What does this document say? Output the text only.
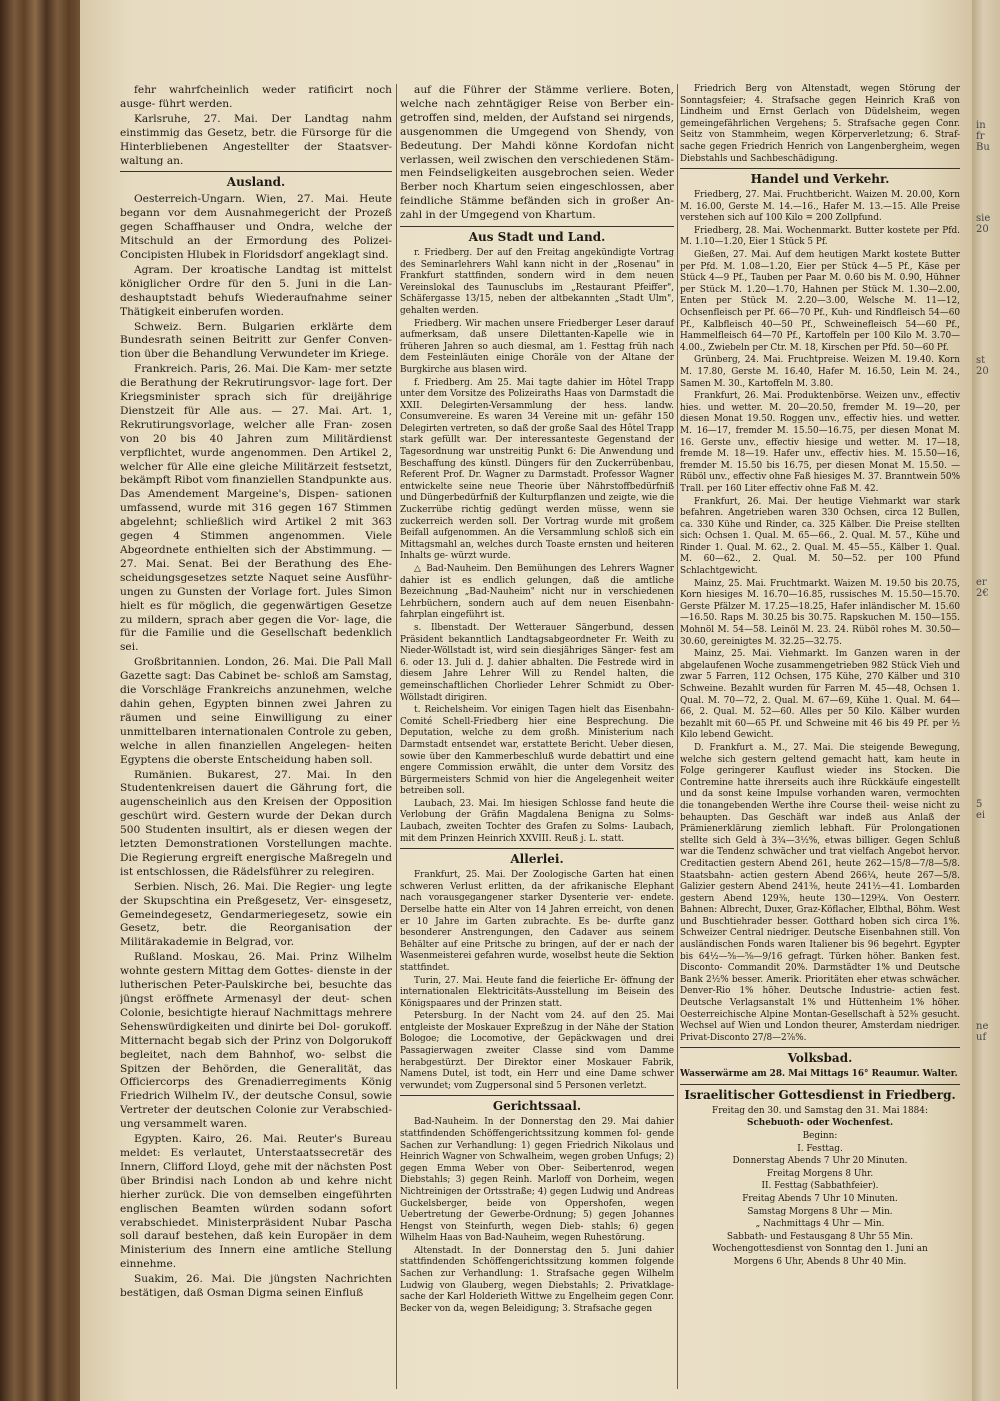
in
fr
Bu
sie
20
st
20
er
2€
5
ei
ne
uf

fehr wahrfcheinlich weder ratificirt noch ausge- führt werden.

Karlsruhe, 27. Mai. Der Landtag nahm einstimmig das Gesetz, betr. die Fürsorge für die Hinterbliebenen Angestellter der Staatsver- waltung an.

Ausland.

Oesterreich-Ungarn. Wien, 27. Mai. Heute begann vor dem Ausnahmegericht der Prozeß gegen Schaffhauser und Ondra, welche der Mitschuld an der Ermordung des Polizei- Concipisten Hlubek in Floridsdorf angeklagt sind.

Agram. Der kroatische Landtag ist mittelst königlicher Ordre für den 5. Juni in die Lan- deshauptstadt behufs Wiederaufnahme seiner Thätigkeit einberufen worden.

Schweiz. Bern. Bulgarien erklärte dem Bundesrath seinen Beitritt zur Genfer Conven- tion über die Behandlung Verwundeter im Kriege.

Frankreich. Paris, 26. Mai. Die Kam- mer setzte die Berathung der Rekrutirungsvor- lage fort. Der Kriegsminister sprach sich für dreijährige Dienstzeit für Alle aus. — 27. Mai. Art. 1, Rekrutirungsvorlage, welcher alle Fran- zosen von 20 bis 40 Jahren zum Militärdienst verpflichtet, wurde angenommen. Den Artikel 2, welcher für Alle eine gleiche Militärzeit festsetzt, bekämpft Ribot vom finanziellen Standpunkte aus. Das Amendement Margeine's, Dispen- sationen umfassend, wurde mit 316 gegen 167 Stimmen abgelehnt; schließlich wird Artikel 2 mit 363 gegen 4 Stimmen angenommen. Viele Abgeordnete enthielten sich der Abstimmung. — 27. Mai. Senat. Bei der Berathung des Ehe- scheidungsgesetzes setzte Naquet seine Ausführ- ungen zu Gunsten der Vorlage fort. Jules Simon hielt es für möglich, die gegenwärtigen Gesetze zu mildern, sprach aber gegen die Vor- lage, die für die Familie und die Gesellschaft bedenklich sei.

Großbritannien. London, 26. Mai. Die Pall Mall Gazette sagt: Das Cabinet be- schloß am Samstag, die Vorschläge Frankreichs anzunehmen, welche dahin gehen, Egypten binnen zwei Jahren zu räumen und seine Einwilligung zu einer unmittelbaren internationalen Controle zu geben, welche in allen finanziellen Angelegen- heiten Egyptens die oberste Entscheidung haben soll.

Rumänien. Bukarest, 27. Mai. In den Studentenkreisen dauert die Gährung fort, die augenscheinlich aus den Kreisen der Opposition geschürt wird. Gestern wurde der Dekan durch 500 Studenten insultirt, als er diesen wegen der letzten Demonstrationen Vorstellungen machte. Die Regierung ergreift energische Maßregeln und ist entschlossen, die Rädelsführer zu relegiren.

Serbien. Nisch, 26. Mai. Die Regier- ung legte der Skupschtina ein Preßgesetz, Ver- einsgesetz, Gemeindegesetz, Gendarmeriegesetz, sowie ein Gesetz, betr. die Reorganisation der Militärakademie in Belgrad, vor.

Rußland. Moskau, 26. Mai. Prinz Wilhelm wohnte gestern Mittag dem Gottes- dienste in der lutherischen Peter-Paulskirche bei, besuchte das jüngst eröffnete Armenasyl der deut- schen Colonie, besichtigte hierauf Nachmittags mehrere Sehenswürdigkeiten und dinirte bei Dol- gorukoff. Mitternacht begab sich der Prinz von Dolgorukoff begleitet, nach dem Bahnhof, wo- selbst die Spitzen der Behörden, die Generalität, das Officiercorps des Grenadierregiments König Friedrich Wilhelm IV., der deutsche Consul, sowie Vertreter der deutschen Colonie zur Verabschied- ung versammelt waren.

Egypten. Kairo, 26. Mai. Reuter's Bureau meldet: Es verlautet, Unterstaatssecretär des Innern, Clifford Lloyd, gehe mit der nächsten Post über Brindisi nach London ab und kehre nicht hierher zurück. Die von demselben eingeführten englischen Beamten würden sodann sofort verabschiedet. Ministerpräsident Nubar Pascha soll darauf bestehen, daß kein Europäer in dem Ministerium des Innern eine amtliche Stellung einnehme.

Suakim, 26. Mai. Die jüngsten Nachrichten bestätigen, daß Osman Digma seinen Einfluß

auf die Führer der Stämme verliere. Boten, welche nach zehntägiger Reise von Berber ein- getroffen sind, melden, der Aufstand sei nirgends, ausgenommen die Umgegend von Shendy, von Bedeutung. Der Mahdi könne Kordofan nicht verlassen, weil zwischen den verschiedenen Stäm- men Feindseligkeiten ausgebrochen seien. Weder Berber noch Khartum seien eingeschlossen, aber feindliche Stämme befänden sich in großer An- zahl in der Umgegend von Khartum.

Aus Stadt und Land.

r. Friedberg. Der auf den Freitag angekündigte Vortrag des Seminarlehrers Wahl kann nicht in der „Rosenau" in Frankfurt stattfinden, sondern wird in dem neuen Vereinslokal des Taunusclubs im „Restaurant Pfeiffer", Schäfergasse 13/15, neben der altbekannten „Stadt Ulm", gehalten werden.

Friedberg. Wir machen unsere Friedberger Leser darauf aufmerksam, daß unsere Dilettanten-Kapelle wie in früheren Jahren so auch diesmal, am 1. Festtag früh nach dem Festeinläuten einige Choräle von der Altane der Burgkirche aus blasen wird.

f. Friedberg. Am 25. Mai tagte dahier im Hôtel Trapp unter dem Vorsitze des Polizeiraths Haas von Darmstadt die XXII. Delegirten-Versammlung der hess. landw. Consumvereine. Es waren 34 Vereine mit un- gefähr 150 Delegirten vertreten, so daß der große Saal des Hôtel Trapp stark gefüllt war. Der interessanteste Gegenstand der Tagesordnung war unstreitig Punkt 6: Die Anwendung und Beschaffung des künstl. Düngers für den Zuckerrübenbau, Referent Prof. Dr. Wagner zu Darmstadt. Professor Wagner entwickelte seine neue Theorie über Nährstoffbedürfniß und Düngerbedürfniß der Kulturpflanzen und zeigte, wie die Zuckerrübe richtig gedüngt werden müsse, wenn sie zuckerreich werden soll. Der Vortrag wurde mit großem Beifall aufgenommen. An die Versammlung schloß sich ein Mittagsmahl an, welches durch Toaste ernsten und heiteren Inhalts ge- würzt wurde.

△ Bad-Nauheim. Den Bemühungen des Lehrers Wagner dahier ist es endlich gelungen, daß die amtliche Bezeichnung „Bad-Nauheim" nicht nur in verschiedenen Lehrbüchern, sondern auch auf dem neuen Eisenbahn- fahrplan eingeführt ist.

s. Ilbenstadt. Der Wetterauer Sängerbund, dessen Präsident bekanntlich Landtagsabgeordneter Fr. Weith zu Nieder-Wöllstadt ist, wird sein diesjähriges Sänger- fest am 6. oder 13. Juli d. J. dahier abhalten. Die Festrede wird in diesem Jahre Lehrer Will zu Rendel halten, die gemeinschaftlichen Chorlieder Lehrer Schmidt zu Ober-Wöllstadt dirigiren.

t. Reichelsheim. Vor einigen Tagen hielt das Eisenbahn-Comité Schell-Friedberg hier eine Besprechung. Die Deputation, welche zu dem großh. Ministerium nach Darmstadt entsendet war, erstattete Bericht. Ueber diesen, sowie über den Kammerbeschluß wurde debattirt und eine engere Commission erwählt, die unter dem Vorsitz des Bürgermeisters Schmid von hier die Angelegenheit weiter betreiben soll.

Laubach, 23. Mai. Im hiesigen Schlosse fand heute die Verlobung der Gräfin Magdalena Benigna zu Solms-Laubach, zweiten Tochter des Grafen zu Solms- Laubach, mit dem Prinzen Heinrich XXVIII. Reuß j. L. statt.

Allerlei.

Frankfurt, 25. Mai. Der Zoologische Garten hat einen schweren Verlust erlitten, da der afrikanische Elephant nach vorausgegangener starker Dysenterie ver- endete. Derselbe hatte ein Alter von 14 Jahren erreicht, von denen er 10 Jahre im Garten zubrachte. Es be- durfte ganz besonderer Anstrengungen, den Cadaver aus seinem Behälter auf eine Pritsche zu bringen, auf der er nach der Wasenmeisterei gefahren wurde, woselbst heute die Sektion stattfindet.

Turin, 27. Mai. Heute fand die feierliche Er- öffnung der internationalen Elektricitäts-Ausstellung im Beisein des Königspaares und der Prinzen statt.

Petersburg. In der Nacht vom 24. auf den 25. Mai entgleiste der Moskauer Expreßzug in der Nähe der Station Bologoe; die Locomotive, der Gepäckwagen und drei Passagierwagen zweiter Classe sind vom Damme herabgestürzt. Der Direktor einer Moskauer Fabrik, Namens Dutel, ist todt, ein Herr und eine Dame schwer verwundet; vom Zugpersonal sind 5 Personen verletzt.

Gerichtssaal.

Bad-Nauheim. In der Donnerstag den 29. Mai dahier stattfindenden Schöffengerichtssitzung kommen fol- gende Sachen zur Verhandlung: 1) gegen Friedrich Nikolaus und Heinrich Wagner von Schwalheim, wegen groben Unfugs; 2) gegen Emma Weber von Ober- Seibertenrod, wegen Diebstahls; 3) gegen Reinh. Marloff von Dorheim, wegen Nichtreinigen der Ortsstraße; 4) gegen Ludwig und Andreas Guckelsberger, beide von Oppershofen, wegen Uebertretung der Gewerbe-Ordnung; 5) gegen Johannes Hengst von Steinfurth, wegen Dieb- stahls; 6) gegen Wilhelm Haas von Bad-Nauheim, wegen Ruhestörung.

Altenstadt. In der Donnerstag den 5. Juni dahier stattfindenden Schöffengerichtssitzung kommen folgende Sachen zur Verhandlung: 1. Strafsache gegen Wilhelm Ludwig von Glauberg, wegen Diebstahls; 2. Privatklage- sache der Karl Holderieth Wittwe zu Engelheim gegen Conr. Becker von da, wegen Beleidigung; 3. Strafsache gegen

Friedrich Berg von Altenstadt, wegen Störung der Sonntagsfeier; 4. Strafsache gegen Heinrich Kraß von Lindheim und Ernst Gerlach von Düdelsheim, wegen gemeingefährlichen Vergehens; 5. Strafsache gegen Conr. Seitz von Stammheim, wegen Körperverletzung; 6. Straf- sache gegen Friedrich Henrich von Langenbergheim, wegen Diebstahls und Sachbeschädigung.

Handel und Verkehr.

Friedberg, 27. Mai. Fruchtbericht. Waizen M. 20.00, Korn M. 16.00, Gerste M. 14.—16., Hafer M. 13.—15. Alle Preise verstehen sich auf 100 Kilo = 200 Zollpfund.

Friedberg, 28. Mai. Wochenmarkt. Butter kostete per Pfd. M. 1.10—1.20, Eier 1 Stück 5 Pf.

Gießen, 27. Mai. Auf dem heutigen Markt kostete Butter per Pfd. M. 1.08—1.20, Eier per Stück 4—5 Pf., Käse per Stück 4—9 Pf., Tauben per Paar M. 0.60 bis M. 0.90, Hühner per Stück M. 1.20—1.70, Hahnen per Stück M. 1.30—2.00, Enten per Stück M. 2.20—3.00, Welsche M. 11—12, Ochsenfleisch per Pf. 66—70 Pf., Kuh- und Rindfleisch 54—60 Pf., Kalbfleisch 40—50 Pf., Schweinefleisch 54—60 Pf., Hammelfleisch 64—70 Pf., Kartoffeln per 100 Kilo M. 3.70—4.00., Zwiebeln per Ctr. M. 18, Kirschen per Pfd. 50—60 Pf.

Grünberg, 24. Mai. Fruchtpreise. Weizen M. 19.40. Korn M. 17.80, Gerste M. 16.40, Hafer M. 16.50, Lein M. 24., Samen M. 30., Kartoffeln M. 3.80.

Frankfurt, 26. Mai. Produktenbörse. Weizen unv., effectiv hies. und wetter. M. 20—20.50, fremder M. 19—20, per diesen Monat 19.50. Roggen unv., effectiv hies. und wetter. M. 16—17, fremder M. 15.50—16.75, per diesen Monat M. 16. Gerste unv., effectiv hiesige und wetter. M. 17—18, fremde M. 18—19. Hafer unv., effectiv hies. M. 15.50—16, fremder M. 15.50 bis 16.75, per diesen Monat M. 15.50. — Rüböl unv., effectiv ohne Faß hiesiges M. 37. Branntwein 50% Trall. per 160 Liter effectiv ohne Faß M. 42.

Frankfurt, 26. Mai. Der heutige Viehmarkt war stark befahren. Angetrieben waren 330 Ochsen, circa 12 Bullen, ca. 330 Kühe und Rinder, ca. 325 Kälber. Die Preise stellten sich: Ochsen 1. Qual. M. 65—66., 2. Qual. M. 57., Kühe und Rinder 1. Qual. M. 62., 2. Qual. M. 45—55., Kälber 1. Qual. M. 60—62., 2. Qual. M. 50—52. per 100 Pfund Schlachtgewicht.

Mainz, 25. Mai. Fruchtmarkt. Waizen M. 19.50 bis 20.75, Korn hiesiges M. 16.70—16.85, russisches M. 15.50—15.70. Gerste Pfälzer M. 17.25—18.25, Hafer inländischer M. 15.60—16.50. Raps M. 30.25 bis 30.75. Rapskuchen M. 150—155. Mohnöl M. 54—58. Leinöl M. 23. 24. Rüböl rohes M. 30.50—30.60, gereinigtes M. 32.25—32.75.

Mainz, 25. Mai. Viehmarkt. Im Ganzen waren in der abgelaufenen Woche zusammengetrieben 982 Stück Vieh und zwar 5 Farren, 112 Ochsen, 175 Kühe, 270 Kälber und 310 Schweine. Bezahlt wurden für Farren M. 45—48, Ochsen 1. Qual. M. 70—72, 2. Qual. M. 67—69, Kühe 1. Qual. M. 64—66, 2. Qual. M. 52—60. Alles per 50 Kilo. Kälber wurden bezahlt mit 60—65 Pf. und Schweine mit 46 bis 49 Pf. per ½ Kilo lebend Gewicht.

D. Frankfurt a. M., 27. Mai. Die steigende Bewegung, welche sich gestern geltend gemacht hatt, kam heute in Folge geringerer Kauflust wieder ins Stocken. Die Contremine hatte ihrerseits auch ihre Rückkäufe eingestellt und da sonst keine Impulse vorhanden waren, vermochten die tonangebenden Werthe ihre Course theil- weise nicht zu behaupten. Das Geschäft war indeß aus Anlaß der Prämienerklärung ziemlich lebhaft. Für Prolongationen stellte sich Geld à 3¾—3½%, etwas billiger. Gegen Schluß war die Tendenz schwächer und trat vielfach Angebot hervor. Creditactien gestern Abend 261, heute 262—15/8—7/8—5/8. Staatsbahn- actien gestern Abend 266¼, heute 267—5/8. Galizier gestern Abend 241⅜, heute 241½—41. Lombarden gestern Abend 129⅜, heute 130—129¾. Von Oesterr. Bahnen: Albrecht, Duxer, Graz-Köflacher, Elbthal, Böhm. West und Buschtiehrader besser. Gotthard hoben sich circa 1%. Schweizer Central niedriger. Deutsche Eisenbahnen still. Von ausländischen Fonds waren Italiener bis 96 begehrt. Egypter bis 64½—⅝—⅝—9/16 gefragt. Türken höher. Banken fest. Disconto- Commandit 20%. Darmstädter 1% und Deutsche Bank 2½% besser. Amerik. Prioritäten eher etwas schwächer. Denver-Rio 1% höher. Deutsche Industrie- actien fest. Deutsche Verlagsanstalt 1% und Hüttenheim 1% höher. Oesterreichische Alpine Montan-Gesellschaft à 52⅜ gesucht. Wechsel auf Wien und London theurer, Amsterdam niedriger. Privat-Disconto 27/8—2⅞%.

Volksbad.

Wasserwärme am 28. Mai Mittags 16° Reaumur. Walter.

Israelitischer Gottesdienst in Friedberg.

Freitag den 30. und Samstag den 31. Mai 1884:

Schebuoth- oder Wochenfest.

Beginn:

I. Festtag.

Donnerstag Abends 7 Uhr 20 Minuten.

Freitag Morgens 8 Uhr.

II. Festtag (Sabbathfeier).

Freitag Abends 7 Uhr 10 Minuten.

Samstag Morgens 8 Uhr — Min.

„ Nachmittags 4 Uhr — Min.

Sabbath- und Festausgang 8 Uhr 55 Min.

Wochengottesdienst von Sonntag den 1. Juni an

Morgens 6 Uhr, Abends 8 Uhr 40 Min.
